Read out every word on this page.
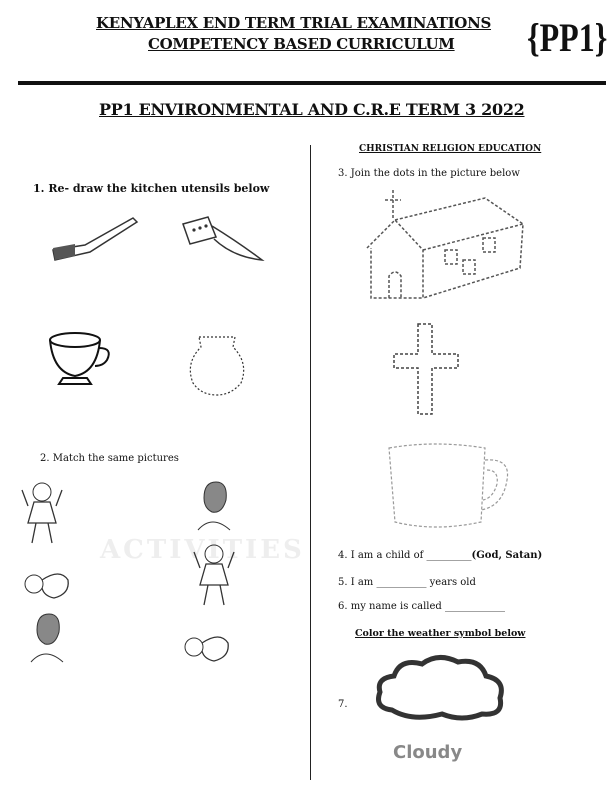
KENYAPLEX END TERM TRIAL EXAMINATIONS
COMPETENCY BASED CURRICULUM {PP1}
PP1 ENVIRONMENTAL AND C.R.E TERM 3 2022
1. Re- draw the kitchen utensils below
2. Match the same pictures
ACTIVITIES
CHRISTIAN RELIGION EDUCATION
3. Join the dots in the picture below
4. I am a child of _________(God, Satan)
5. I am __________ years old
6. my name is called ____________
Color the weather symbol below
7.
Cloudy
